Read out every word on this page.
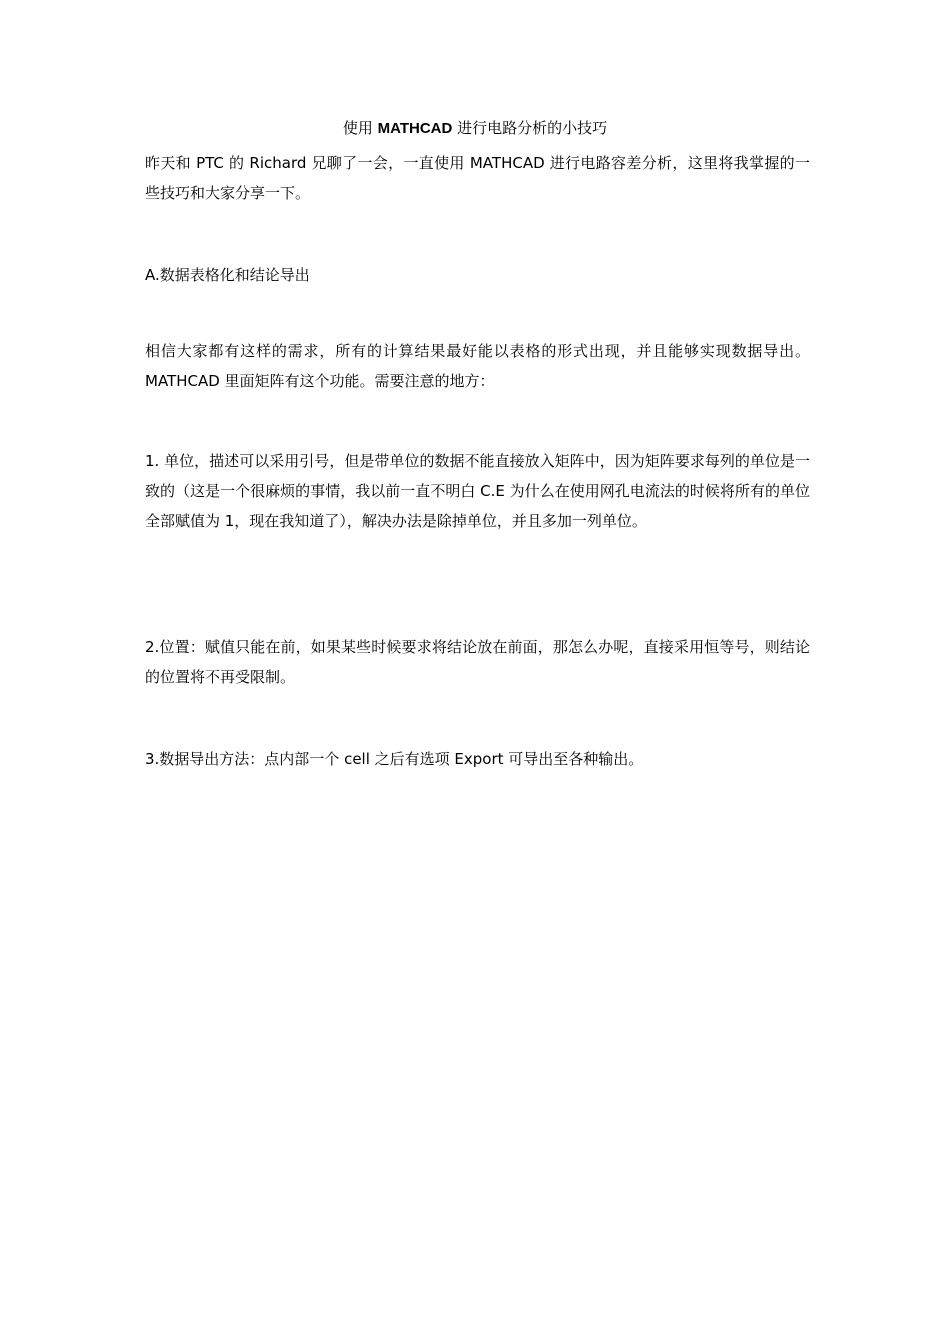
使用 MATHCAD 进行电路分析的小技巧
昨天和 PTC 的 Richard 兄聊了一会，一直使用 MATHCAD 进行电路容差分析，这里将我掌握的一些技巧和大家分享一下。
A.数据表格化和结论导出
相信大家都有这样的需求，所有的计算结果最好能以表格的形式出现，并且能够实现数据导出。MATHCAD 里面矩阵有这个功能。需要注意的地方：
1. 单位，描述可以采用引号，但是带单位的数据不能直接放入矩阵中，因为矩阵要求每列的单位是一致的（这是一个很麻烦的事情，我以前一直不明白 C.E 为什么在使用网孔电流法的时候将所有的单位全部赋值为 1，现在我知道了），解决办法是除掉单位，并且多加一列单位。
2.位置：赋值只能在前，如果某些时候要求将结论放在前面，那怎么办呢，直接采用恒等号，则结论的位置将不再受限制。
3.数据导出方法：点内部一个 cell 之后有选项 Export 可导出至各种输出。
